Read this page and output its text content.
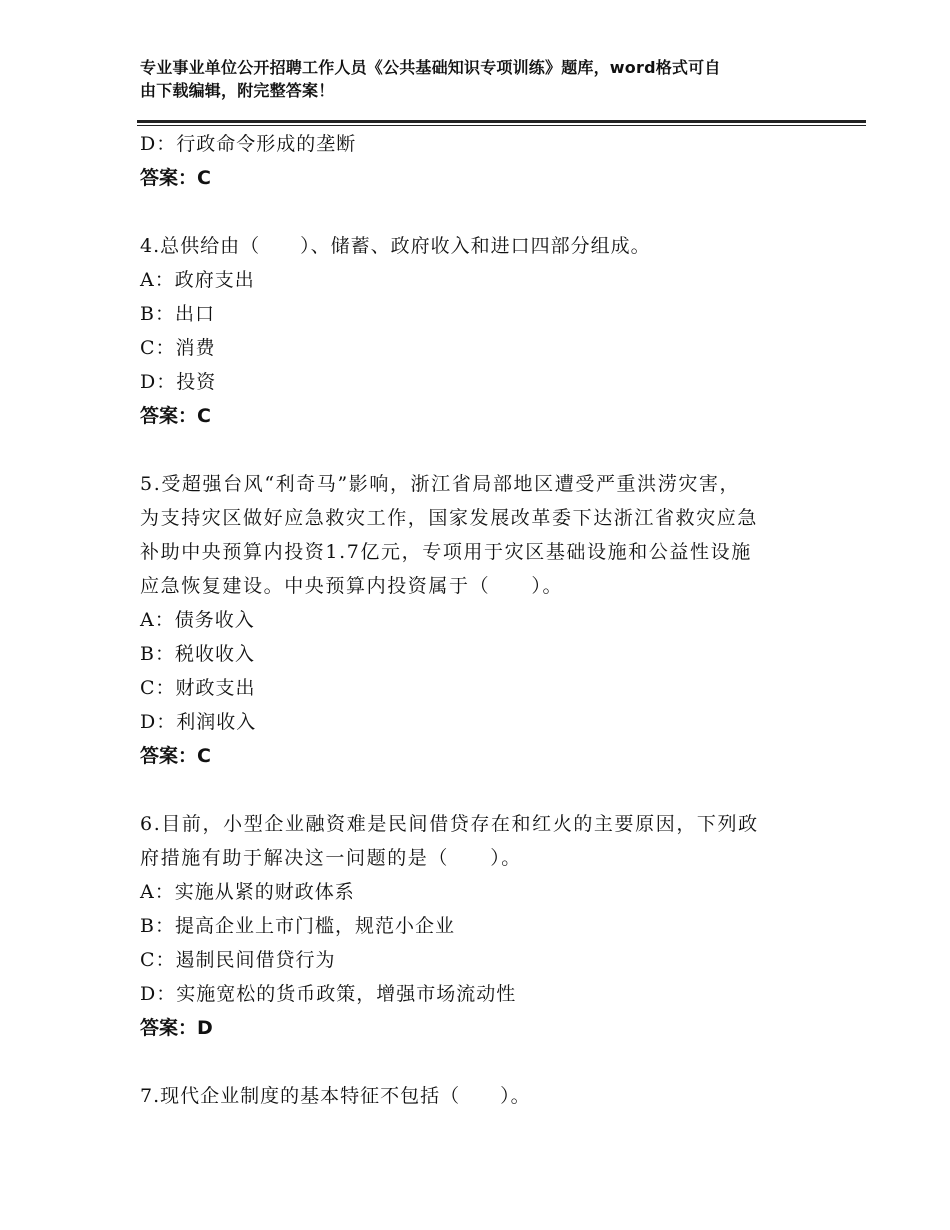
专业事业单位公开招聘工作人员《公共基础知识专项训练》题库，word格式可自
由下载编辑，附完整答案！
D：行政命令形成的垄断
答案：C
4.总供给由（　　）、储蓄、政府收入和进口四部分组成。
A：政府支出
B：出口
C：消费
D：投资
答案：C
5.受超强台风“利奇马”影响，浙江省局部地区遭受严重洪涝灾害，
为支持灾区做好应急救灾工作，国家发展改革委下达浙江省救灾应急
补助中央预算内投资1.7亿元，专项用于灾区基础设施和公益性设施
应急恢复建设。中央预算内投资属于（　　）。
A：债务收入
B：税收收入
C：财政支出
D：利润收入
答案：C
6.目前，小型企业融资难是民间借贷存在和红火的主要原因，下列政
府措施有助于解决这一问题的是（　　）。
A：实施从紧的财政体系
B：提高企业上市门槛，规范小企业
C：遏制民间借贷行为
D：实施宽松的货币政策，增强市场流动性
答案：D
7.现代企业制度的基本特征不包括（　　）。
